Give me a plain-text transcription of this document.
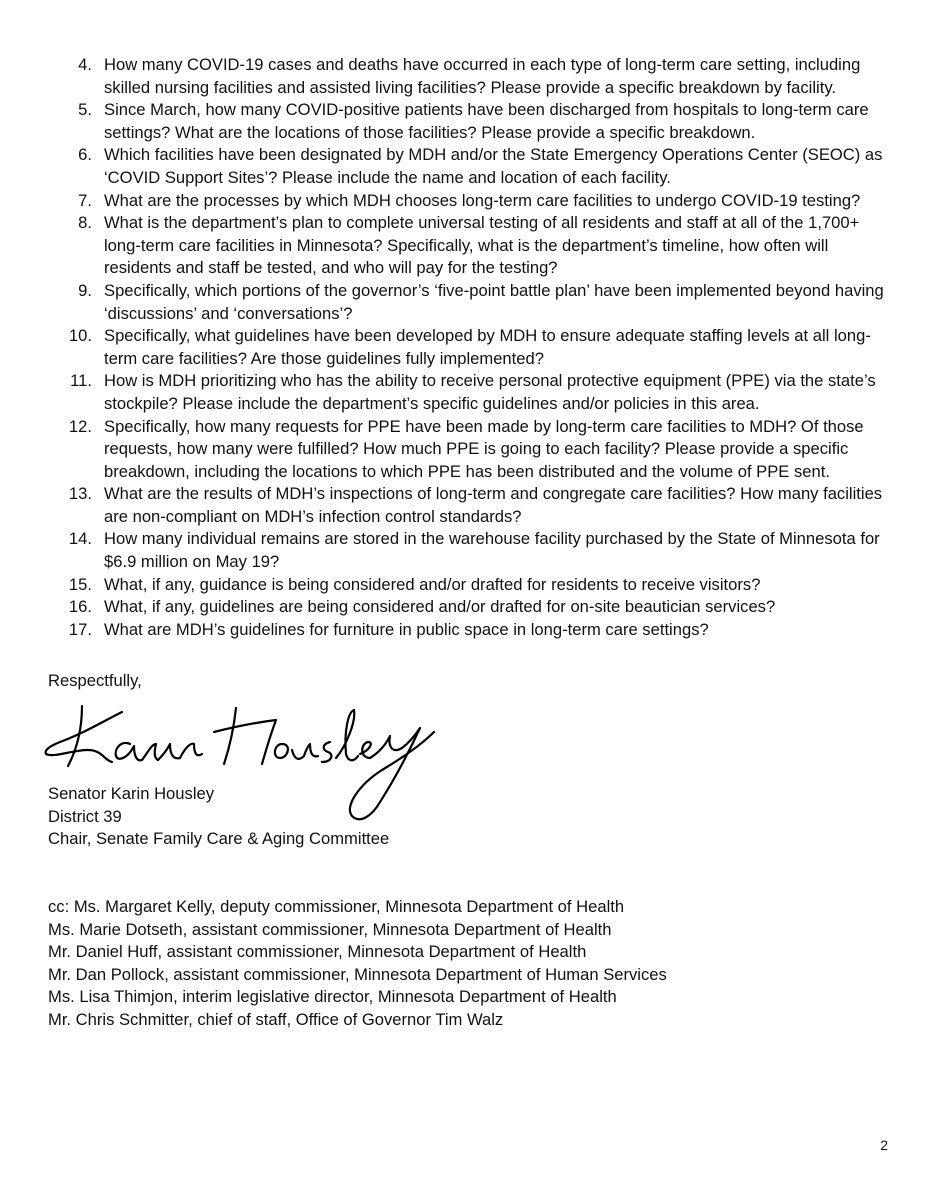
4. How many COVID-19 cases and deaths have occurred in each type of long-term care setting, including skilled nursing facilities and assisted living facilities? Please provide a specific breakdown by facility.
5. Since March, how many COVID-positive patients have been discharged from hospitals to long-term care settings? What are the locations of those facilities? Please provide a specific breakdown.
6. Which facilities have been designated by MDH and/or the State Emergency Operations Center (SEOC) as ‘COVID Support Sites’? Please include the name and location of each facility.
7. What are the processes by which MDH chooses long-term care facilities to undergo COVID-19 testing?
8. What is the department’s plan to complete universal testing of all residents and staff at all of the 1,700+ long-term care facilities in Minnesota? Specifically, what is the department’s timeline, how often will residents and staff be tested, and who will pay for the testing?
9. Specifically, which portions of the governor’s ‘five-point battle plan’ have been implemented beyond having ‘discussions’ and ‘conversations’?
10. Specifically, what guidelines have been developed by MDH to ensure adequate staffing levels at all long-term care facilities? Are those guidelines fully implemented?
11. How is MDH prioritizing who has the ability to receive personal protective equipment (PPE) via the state’s stockpile? Please include the department’s specific guidelines and/or policies in this area.
12. Specifically, how many requests for PPE have been made by long-term care facilities to MDH? Of those requests, how many were fulfilled? How much PPE is going to each facility? Please provide a specific breakdown, including the locations to which PPE has been distributed and the volume of PPE sent.
13. What are the results of MDH’s inspections of long-term and congregate care facilities? How many facilities are non-compliant on MDH’s infection control standards?
14. How many individual remains are stored in the warehouse facility purchased by the State of Minnesota for $6.9 million on May 19?
15. What, if any, guidance is being considered and/or drafted for residents to receive visitors?
16. What, if any, guidelines are being considered and/or drafted for on-site beautician services?
17. What are MDH’s guidelines for furniture in public space in long-term care settings?
Respectfully,
Senator Karin Housley
District 39
Chair, Senate Family Care & Aging Committee
cc: Ms. Margaret Kelly, deputy commissioner, Minnesota Department of Health
Ms. Marie Dotseth, assistant commissioner, Minnesota Department of Health
Mr. Daniel Huff, assistant commissioner, Minnesota Department of Health
Mr. Dan Pollock, assistant commissioner, Minnesota Department of Human Services
Ms. Lisa Thimjon, interim legislative director, Minnesota Department of Health
Mr. Chris Schmitter, chief of staff, Office of Governor Tim Walz
2
